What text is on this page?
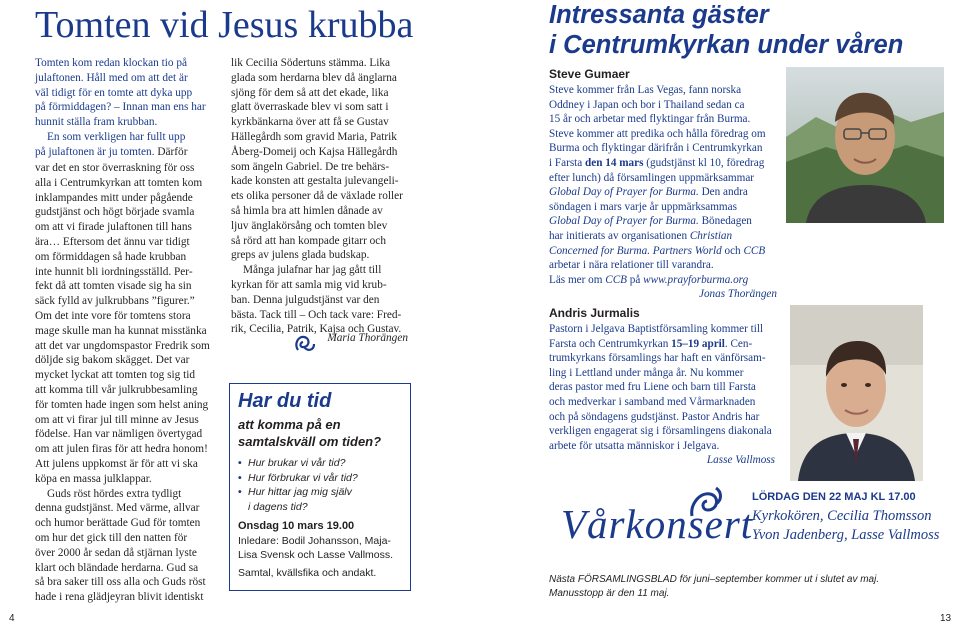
Tomten vid Jesus krubba

Tomten kom redan klockan tio på

julaftonen. Håll med om att det är

väl tidigt för en tomte att dyka upp

på förmiddagen? – Innan man ens har

hunnit ställa fram krubban.

En som verkligen har fullt upp

på julaftonen är ju tomten. Därför

var det en stor överraskning för oss

alla i Centrumkyrkan att tomten kom

inklampandes mitt under pågående

gudstjänst och högt började svamla

om att vi firade julaftonen till hans

ära… Eftersom det ännu var tidigt

om förmiddagen så hade krubban

inte hunnit bli iordningsställd. Per-

fekt då att tomten visade sig ha sin

säck fylld av julkrubbans ”figurer.”

Om det inte vore för tomtens stora

mage skulle man ha kunnat misstänka

att det var ungdomspastor Fredrik som

döljde sig bakom skägget. Det var

mycket lyckat att tomten tog sig tid

att komma till vår julkrubbesamling

för tomten hade ingen som helst aning

om att vi firar jul till minne av Jesus

födelse. Han var nämligen övertygad

om att julen firas för att hedra honom!

Att julens uppkomst är för att vi ska

köpa en massa julklappar.

Guds röst hördes extra tydligt

denna gudstjänst. Med värme, allvar

och humor berättade Gud för tomten

om hur det gick till den natten för

över 2000 år sedan då stjärnan lyste

klart och bländade herdarna. Gud sa

så bra saker till oss alla och Guds röst

hade i rena glädjeyran blivit identiskt

lik Cecilia Södertuns stämma. Lika

glada som herdarna blev då änglarna

sjöng för dem så att det ekade, lika

glatt överraskade blev vi som satt i

kyrkbänkarna över att få se Gustav

Hällegårdh som gravid Maria, Patrik

Åberg-Domeij och Kajsa Hällegårdh

som ängeln Gabriel. De tre behärs-

kade konsten att gestalta julevangeli-

ets olika personer då de växlade roller

så himla bra att himlen dånade av

ljuv änglakörsång och tomten blev

så rörd att han kompade gitarr och

greps av julens glada budskap.

Många julafnar har jag gått till

kyrkan för att samla mig vid krub-

ban. Denna julgudstjänst var den

bästa. Tack till – Och tack vare: Fred-

rik, Cecilia, Patrik, Kajsa och Gustav.

Maria Thorängen

Har du tid

att komma på en
samtalskväll om tiden?

• Hur brukar vi vår tid?
• Hur förbrukar vi vår tid?
• Hur hittar jag mig själv
i dagens tid?

Onsdag 10 mars 19.00

Inledare: Bodil Johansson, Maja-
Lisa Svensk och Lasse Vallmoss.

Samtal, kvällsfika och andakt.

4
Intressanta gäster
i Centrumkyrkan under våren

Steve Gumaer

Steve kommer från Las Vegas, fann norska

Oddney i Japan och bor i Thailand sedan ca

15 år och arbetar med flyktingar från Burma.

Steve kommer att predika och hålla föredrag om

Burma och flyktingar därifrån i Centrumkyrkan

i Farsta den 14 mars (gudstjänst kl 10, föredrag

efter lunch) då församlingen uppmärksammar

Global Day of Prayer for Burma. Den andra

söndagen i mars varje år uppmärksammas

Global Day of Prayer for Burma. Bönedagen

har initierats av organisationen Christian

Concerned for Burma. Partners World och CCB

arbetar i nära relationer till varandra.

Läs mer om CCB på www.prayforburma.org

Jonas Thorängen

Andris Jurmalis

Pastorn i Jelgava Baptistförsamling kommer till

Farsta och Centrumkyrkan 15–19 april. Cen-

trumkyrkans församlings har haft en vänförsam-

ling i Lettland under många år. Nu kommer

deras pastor med fru Liene och barn till Farsta

och medverkar i samband med Vårmarknaden

och på söndagens gudstjänst. Pastor Andris har

verkligen engagerat sig i församlingens diakonala

arbete för utsatta människor i Jelgava.

Lasse Vallmoss

Vårkonsert
LÖRDAG DEN 22 MAJ KL 17.00
Kyrkokören, Cecilia Thomsson
Yvon Jadenberg, Lasse Vallmoss
Nästa FÖRSAMLINGSBLAD för juni–september kommer ut i slutet av maj.
Manusstopp är den 11 maj.
13
